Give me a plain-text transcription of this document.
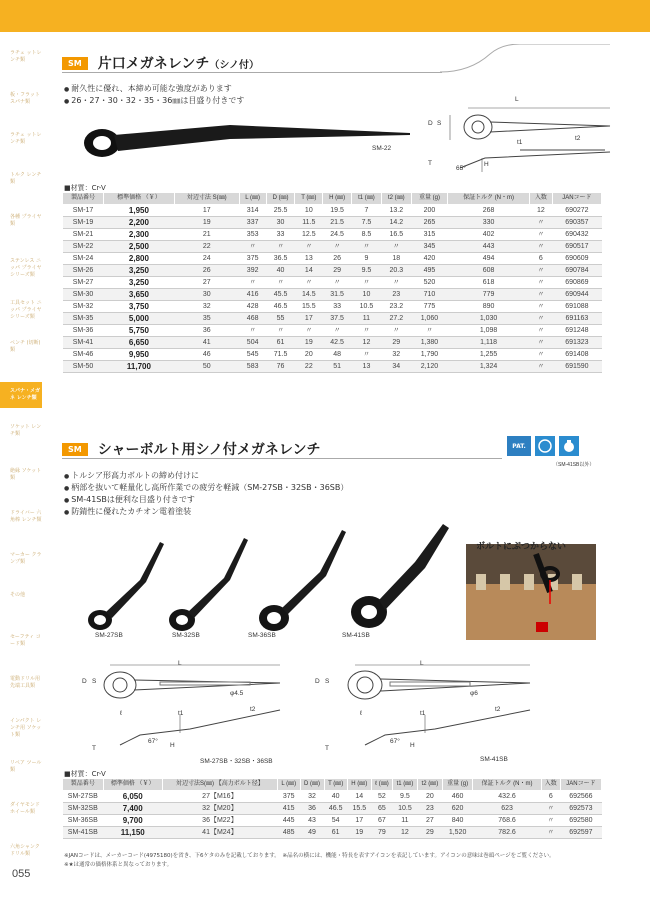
ラチェ ットレンチ類
板・フラットスパナ類
ラチェ ットレンチ類
トルク レンチ類
各種 プライヤ類
ステンレス ニッパ プライヤ シリーズ類
工具セット ニッパ プライヤ シリーズ類
ペンチ (切断)類
スパナ・メガネ レンチ類
ソケット レンチ類
絶縁 ソケット類
ドライバー 六角棒 レンチ類
マーカー クランプ類
その他
セーフティ コード類
電動ドリル用 先端工具類
インパクト レンチ用 ソケット類
リペア ツール類
ダイヤモンド ホイール類
六角シャンク ドリル類
SM	片口メガネレンチ（シノ付）
● 耐久性に優れ、本締め可能な強度があります
● 26・27・30・32・35・36㎜は目盛り付きです
SM-22
L
D S
t1
t2
T	H
65°
■材質：Cr-V
製品番号	標準価格 （￥）	対辺寸法 S(㎜)	L (㎜)	D (㎜)	T (㎜)	H (㎜)	t1 (㎜)	t2 (㎜)	重量 (g)	保証トルク (N・m)	入数	JANコード
SM-17	1,950	17	314	25.5	10	19.5	7	13.2	200	268	12	690272
SM-19	2,200	19	337	30	11.5	21.5	7.5	14.2	265	330	〃	690357
SM-21	2,300	21	353	33	12.5	24.5	8.5	16.5	315	402	〃	690432
SM-22	2,500	22	〃	〃	〃	〃	〃	〃	345	443	〃	690517
SM-24	2,800	24	375	36.5	13	26	9	18	420	494	6	690609
SM-26	3,250	26	392	40	14	29	9.5	20.3	495	608	〃	690784
SM-27	3,250	27	〃	〃	〃	〃	〃	〃	520	618	〃	690869
SM-30	3,650	30	416	45.5	14.5	31.5	10	23	710	779	〃	690944
SM-32	3,750	32	428	46.5	15.5	33	10.5	23.2	775	890	〃	691088
SM-35	5,000	35	468	55	17	37.5	11	27.2	1,060	1,030	〃	691163
SM-36	5,750	36	〃	〃	〃	〃	〃	〃	〃	1,098	〃	691248
SM-41	6,650	41	504	61	19	42.5	12	29	1,380	1,118	〃	691323
SM-46	9,950	46	545	71.5	20	48	〃	32	1,790	1,255	〃	691408
SM-50	11,700	50	583	76	22	51	13	34	2,120	1,324	〃	691590
SM	シャーボルト用シノ付メガネレンチ	PAT.
（SM-41SB以外）
● トルシア形高力ボルトの締め付けに
● 柄部を抜いて軽量化し高所作業での疲労を軽減（SM-27SB・32SB・36SB）
● SM-41SBは便利な目盛り付きです
● 防錆性に優れたカチオン電着塗装
SM-27SB	SM-32SB	SM-36SB	SM-41SB
ボルトにぶつからない
L
D S
φ4.5
ℓ	t1
t2
67°
T	H
SM-27SB・32SB・36SB
L
D S
φ6
ℓ	t1
t2
67°
T	H
SM-41SB
■材質：Cr-V
製品番号	標準価格 （￥）	対辺寸法S(㎜) 【高力ボルト径】	L (㎜)	D (㎜)	T (㎜)	H (㎜)	ℓ (㎜)	t1 (㎜)	t2 (㎜)	重量 (g)	保証トルク (N・m)	入数	JANコード
SM-27SB	6,050	27【M16】	375	32	40	14	52	9.5	20	460	432.6	6	692566
SM-32SB	7,400	32【M20】	415	36	46.5	15.5	65	10.5	23	620	623	〃	692573
SM-36SB	9,700	36【M22】	445	43	54	17	67	11	27	840	768.6	〃	692580
SM-41SB	11,150	41【M24】	485	49	61	19	79	12	29	1,520	782.6	〃	692597
※JANコードは、メーカーコード(4975180)を省き、下6ケタのみを記載しております。　※品名の横には、機能・特長を表すアイコンを表記しています。アイコンの意味は巻頭ページをご覧ください。
※★は通常の価格体系と異なっております。
055
